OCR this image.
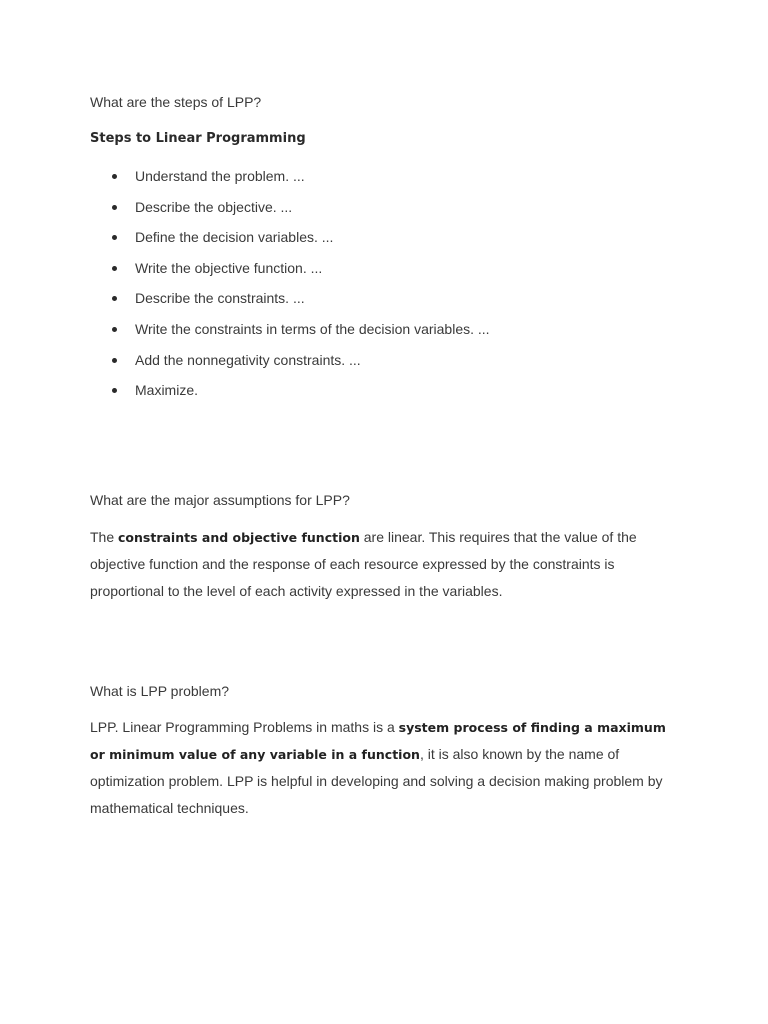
What are the steps of LPP?

Steps to Linear Programming

Understand the problem. ...
Describe the objective. ...
Define the decision variables. ...
Write the objective function. ...
Describe the constraints. ...
Write the constraints in terms of the decision variables. ...
Add the nonnegativity constraints. ...
Maximize.

What are the major assumptions for LPP?

The constraints and objective function are linear. This requires that the value of the objective function and the response of each resource expressed by the constraints is proportional to the level of each activity expressed in the variables.

What is LPP problem?

LPP. Linear Programming Problems in maths is a system process of finding a maximum or minimum value of any variable in a function, it is also known by the name of optimization problem. LPP is helpful in developing and solving a decision making problem by mathematical techniques.
